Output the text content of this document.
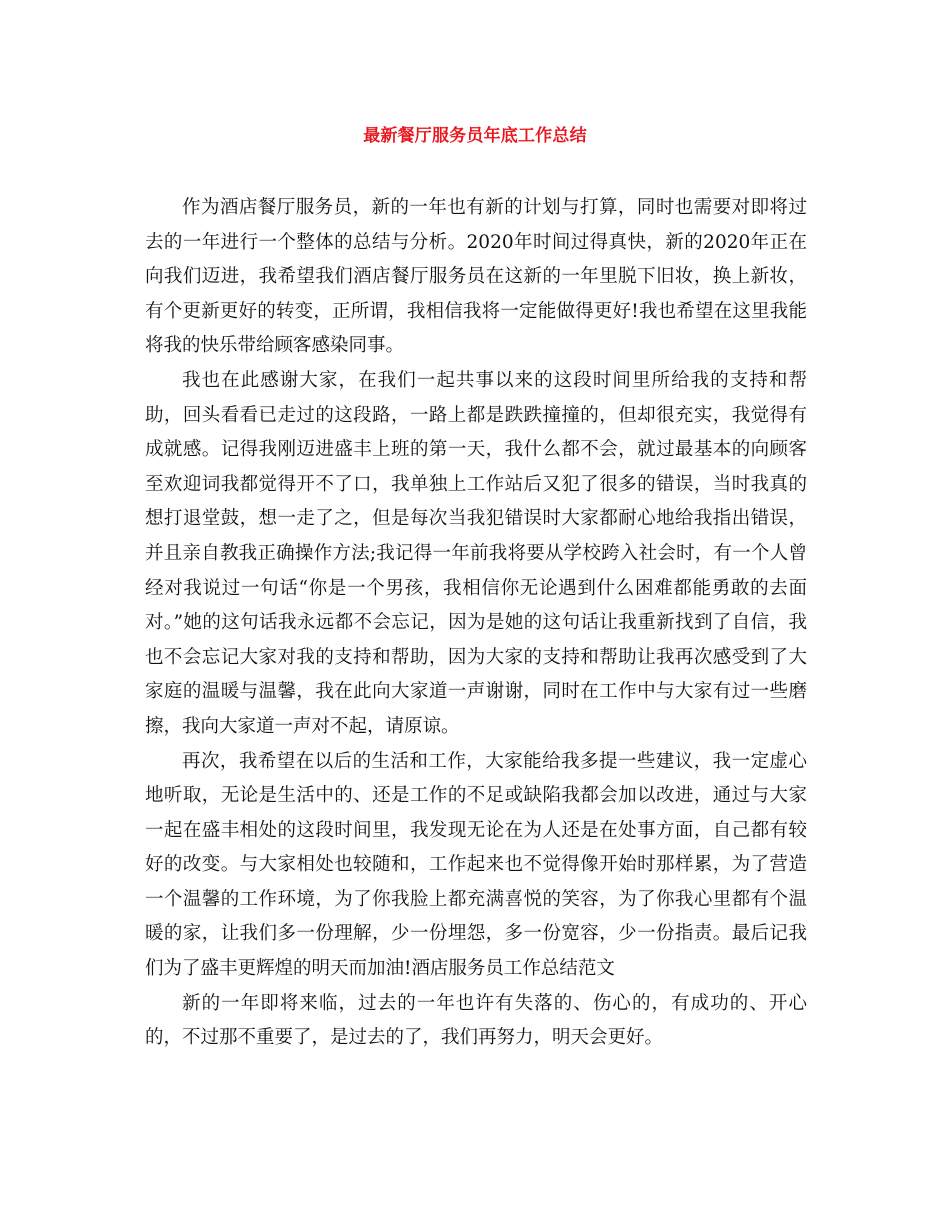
最新餐厅服务员年底工作总结

作为酒店餐厅服务员，新的一年也有新的计划与打算，同时也需要对即将过去的一年进行一个整体的总结与分析。2020年时间过得真快，新的2020年正在向我们迈进，我希望我们酒店餐厅服务员在这新的一年里脱下旧妆，换上新妆，有个更新更好的转变，正所谓，我相信我将一定能做得更好!我也希望在这里我能将我的快乐带给顾客感染同事。

我也在此感谢大家，在我们一起共事以来的这段时间里所给我的支持和帮助，回头看看已走过的这段路，一路上都是跌跌撞撞的，但却很充实，我觉得有成就感。记得我刚迈进盛丰上班的第一天，我什么都不会，就过最基本的向顾客至欢迎词我都觉得开不了口，我单独上工作站后又犯了很多的错误，当时我真的想打退堂鼓，想一走了之，但是每次当我犯错误时大家都耐心地给我指出错误，并且亲自教我正确操作方法;我记得一年前我将要从学校跨入社会时，有一个人曾经对我说过一句话“你是一个男孩，我相信你无论遇到什么困难都能勇敢的去面对。”她的这句话我永远都不会忘记，因为是她的这句话让我重新找到了自信，我也不会忘记大家对我的支持和帮助，因为大家的支持和帮助让我再次感受到了大家庭的温暖与温馨，我在此向大家道一声谢谢，同时在工作中与大家有过一些磨擦，我向大家道一声对不起，请原谅。

再次，我希望在以后的生活和工作，大家能给我多提一些建议，我一定虚心地听取，无论是生活中的、还是工作的不足或缺陷我都会加以改进，通过与大家一起在盛丰相处的这段时间里，我发现无论在为人还是在处事方面，自己都有较好的改变。与大家相处也较随和，工作起来也不觉得像开始时那样累，为了营造一个温馨的工作环境，为了你我脸上都充满喜悦的笑容，为了你我心里都有个温暖的家，让我们多一份理解，少一份埋怨，多一份宽容，少一份指责。最后记我们为了盛丰更辉煌的明天而加油!酒店服务员工作总结范文

新的一年即将来临，过去的一年也许有失落的、伤心的，有成功的、开心的，不过那不重要了，是过去的了，我们再努力，明天会更好。
